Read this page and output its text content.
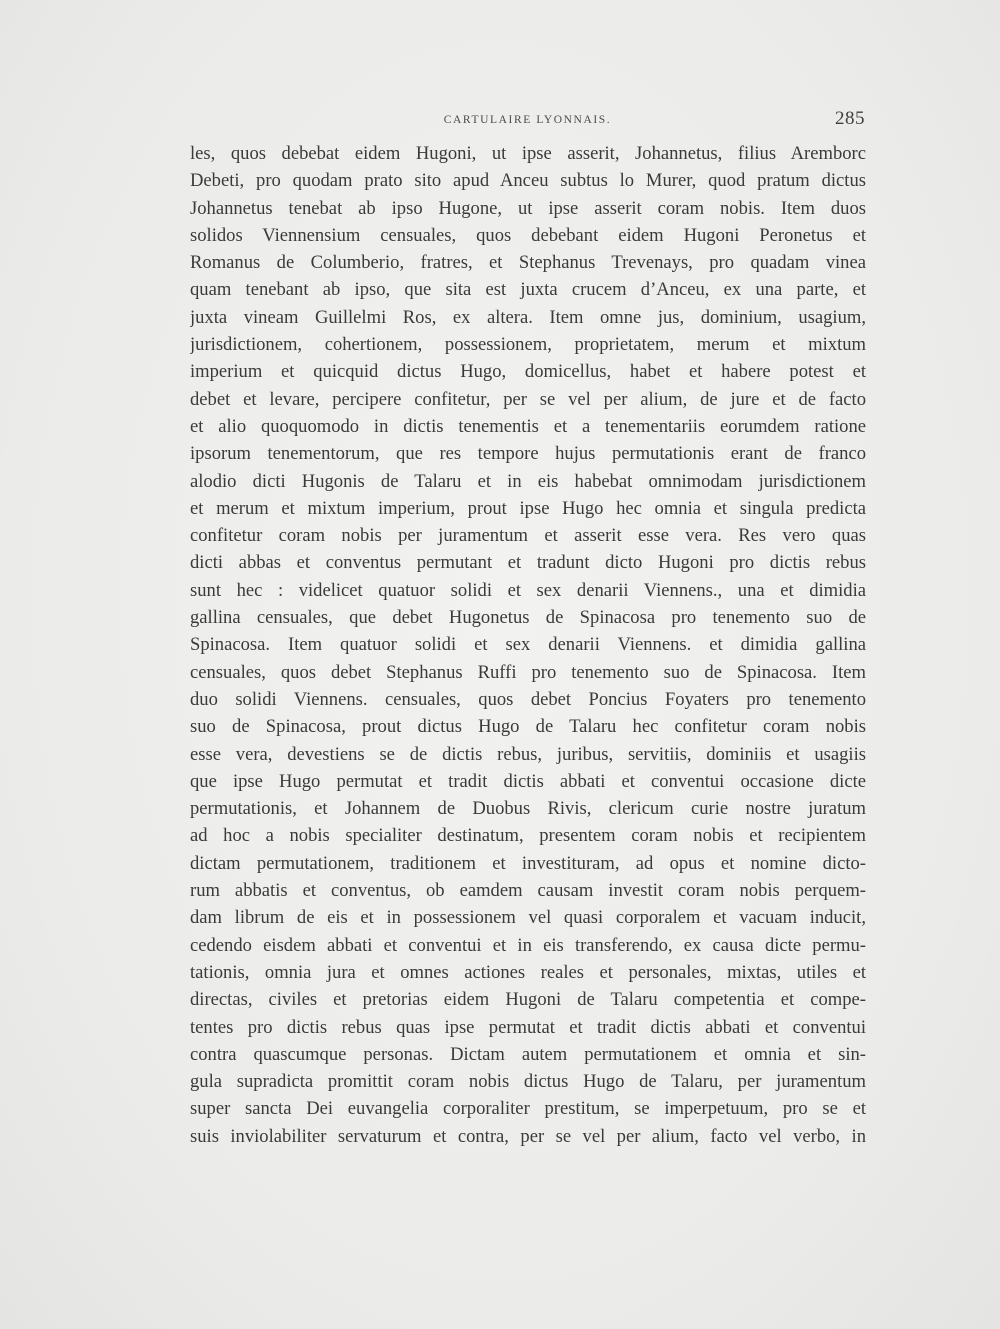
CARTULAIRE LYONNAIS.	285
les, quos debebat eidem Hugoni, ut ipse asserit, Johannetus, filius Aremborc
Debeti, pro quodam prato sito apud Anceu subtus lo Murer, quod pratum dictus
Johannetus tenebat ab ipso Hugone, ut ipse asserit coram nobis. Item duos
solidos Viennensium censuales, quos debebant eidem Hugoni Peronetus et
Romanus de Columberio, fratres, et Stephanus Trevenays, pro quadam vinea
quam tenebant ab ipso, que sita est juxta crucem d’Anceu, ex una parte, et
juxta vineam Guillelmi Ros, ex altera. Item omne jus, dominium, usagium,
jurisdictionem, cohertionem, possessionem, proprietatem, merum et mixtum
imperium et quicquid dictus Hugo, domicellus, habet et habere potest et
debet et levare, percipere confitetur, per se vel per alium, de jure et de facto
et alio quoquomodo in dictis tenementis et a tenementariis eorumdem ratione
ipsorum tenementorum, que res tempore hujus permutationis erant de franco
alodio dicti Hugonis de Talaru et in eis habebat omnimodam jurisdictionem
et merum et mixtum imperium, prout ipse Hugo hec omnia et singula predicta
confitetur coram nobis per juramentum et asserit esse vera. Res vero quas
dicti abbas et conventus permutant et tradunt dicto Hugoni pro dictis rebus
sunt hec : videlicet quatuor solidi et sex denarii Viennens., una et dimidia
gallina censuales, que debet Hugonetus de Spinacosa pro tenemento suo de
Spinacosa. Item quatuor solidi et sex denarii Viennens. et dimidia gallina
censuales, quos debet Stephanus Ruffi pro tenemento suo de Spinacosa. Item
duo solidi Viennens. censuales, quos debet Poncius Foyaters pro tenemento
suo de Spinacosa, prout dictus Hugo de Talaru hec confitetur coram nobis
esse vera, devestiens se de dictis rebus, juribus, servitiis, dominiis et usagiis
que ipse Hugo permutat et tradit dictis abbati et conventui occasione dicte
permutationis, et Johannem de Duobus Rivis, clericum curie nostre juratum
ad hoc a nobis specialiter destinatum, presentem coram nobis et recipientem
dictam permutationem, traditionem et investituram, ad opus et nomine dicto-
rum abbatis et conventus, ob eamdem causam investit coram nobis perquem-
dam librum de eis et in possessionem vel quasi corporalem et vacuam inducit,
cedendo eisdem abbati et conventui et in eis transferendo, ex causa dicte permu-
tationis, omnia jura et omnes actiones reales et personales, mixtas, utiles et
directas, civiles et pretorias eidem Hugoni de Talaru competentia et compe-
tentes pro dictis rebus quas ipse permutat et tradit dictis abbati et conventui
contra quascumque personas. Dictam autem permutationem et omnia et sin-
gula supradicta promittit coram nobis dictus Hugo de Talaru, per juramentum
super sancta Dei euvangelia corporaliter prestitum, se imperpetuum, pro se et
suis inviolabiliter servaturum et contra, per se vel per alium, facto vel verbo, in
